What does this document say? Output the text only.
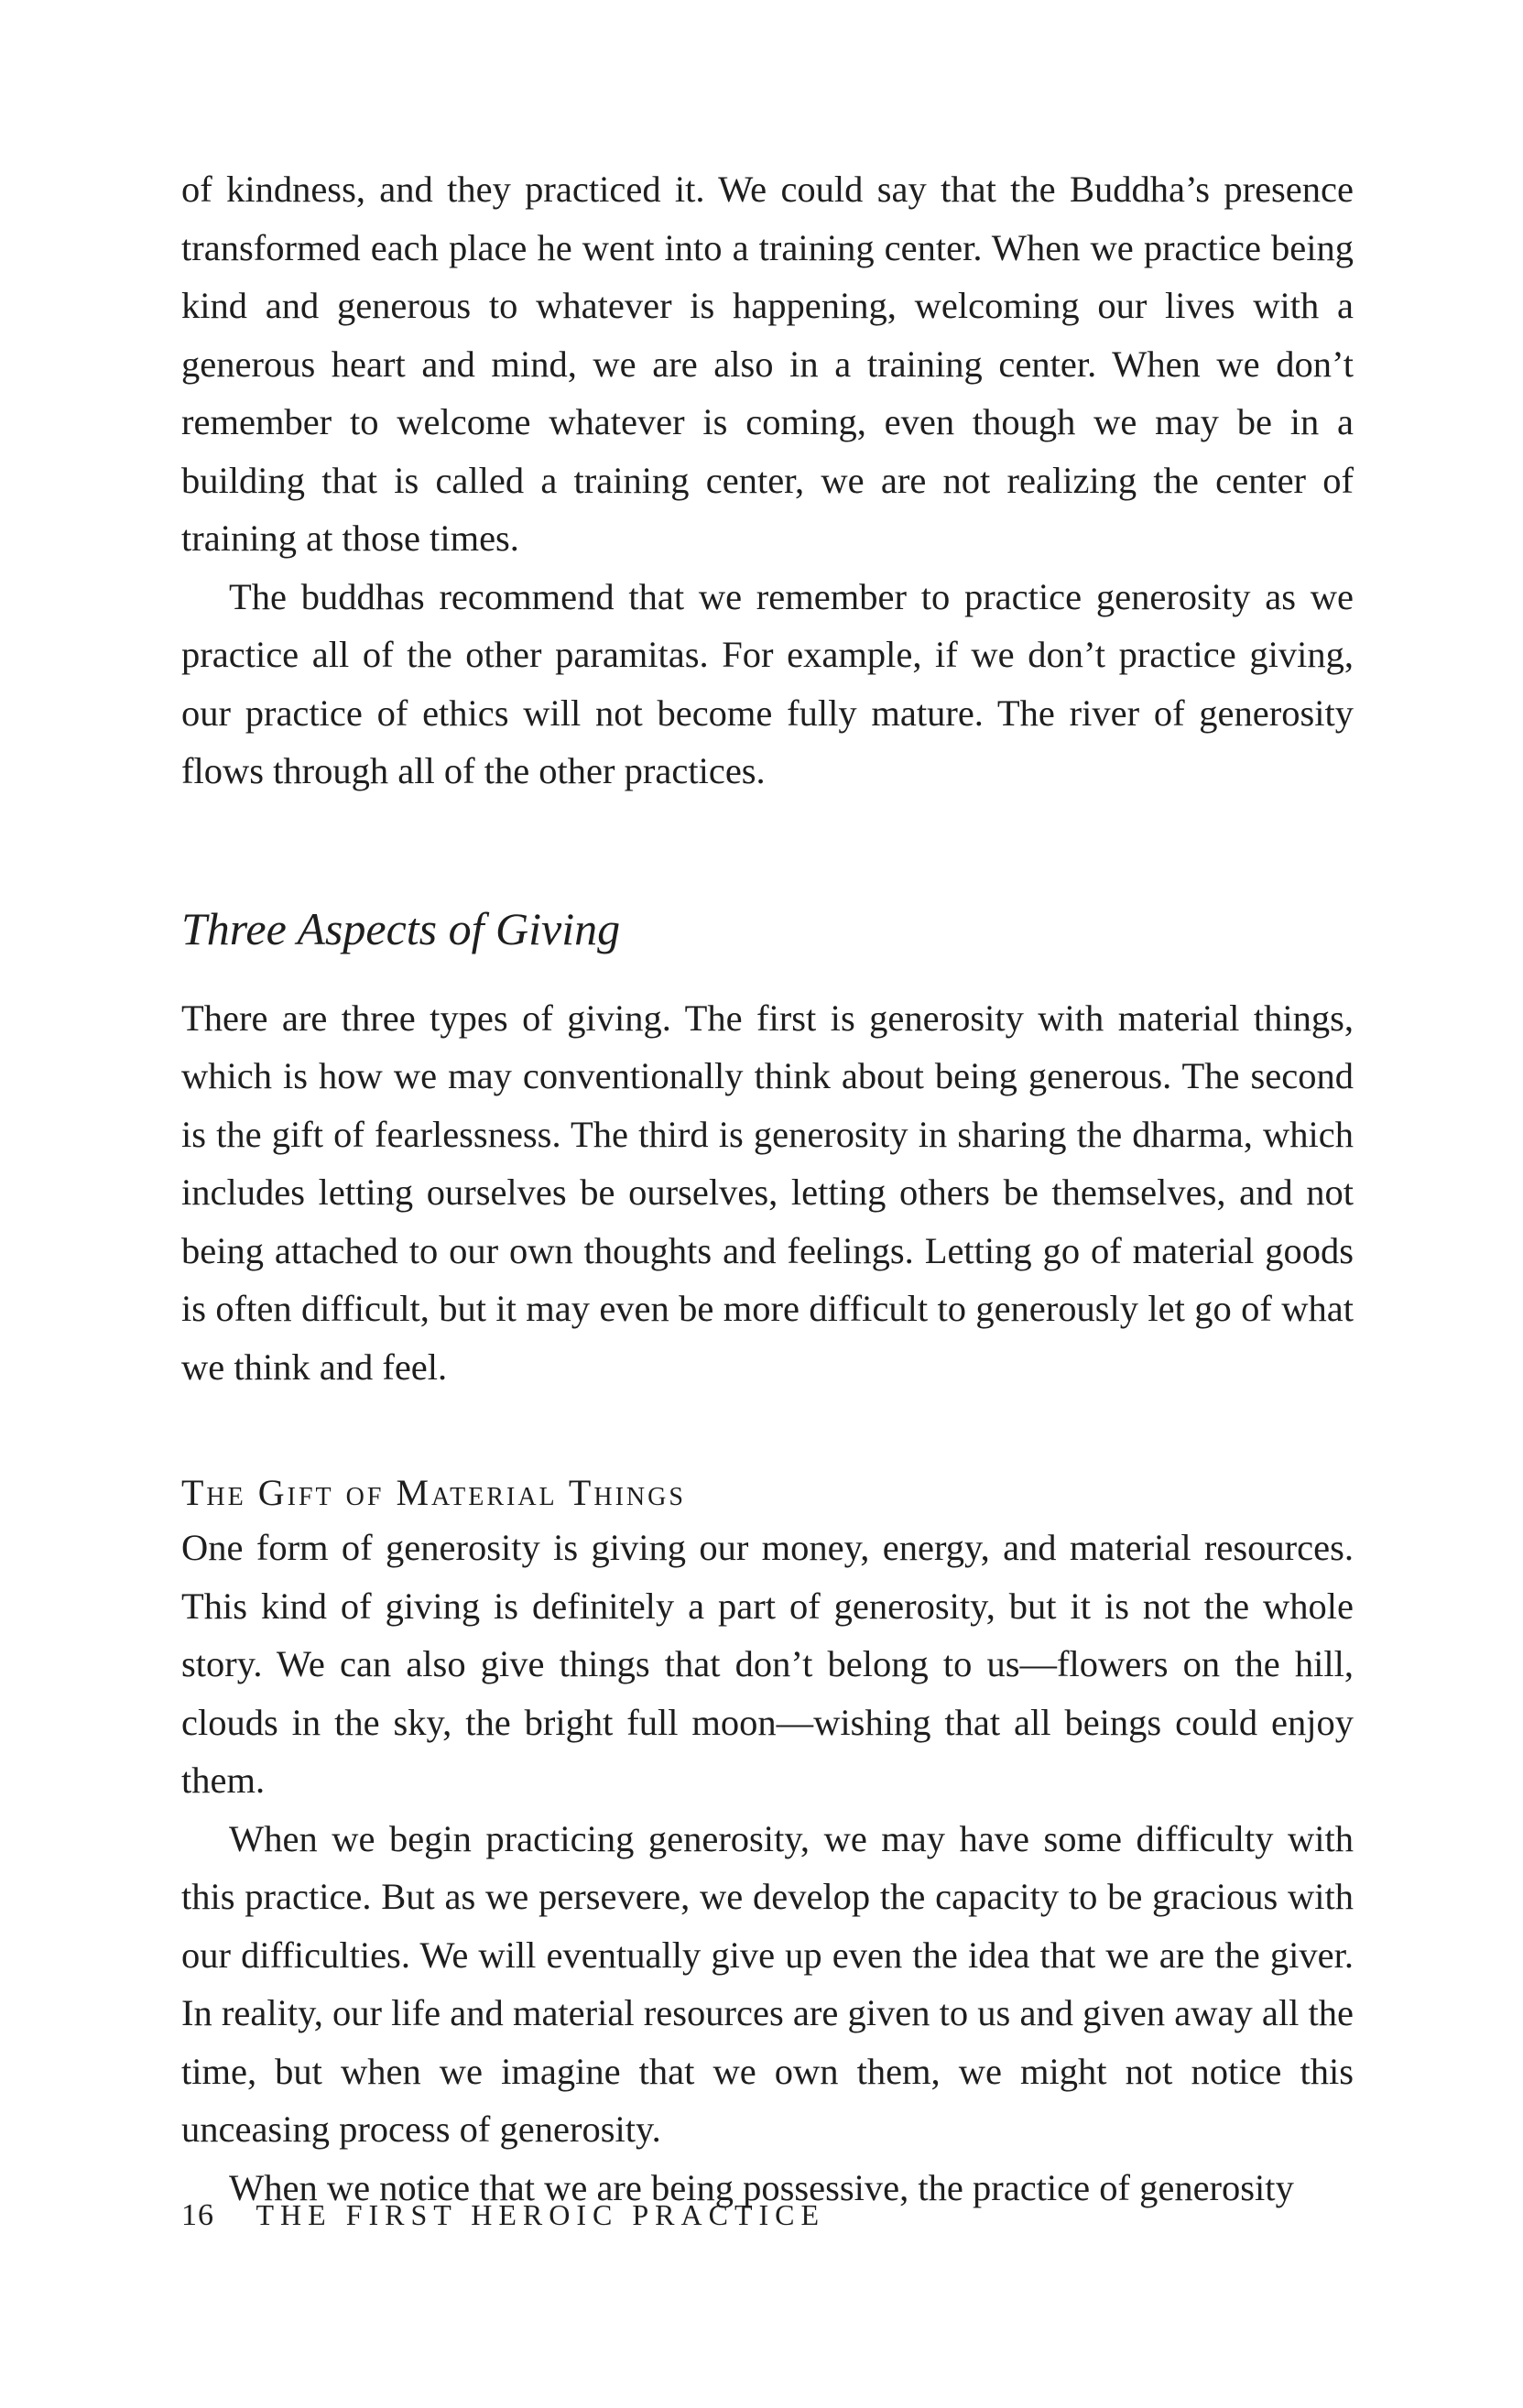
of kindness, and they practiced it. We could say that the Buddha’s presence transformed each place he went into a training center. When we practice being kind and generous to whatever is happening, welcoming our lives with a generous heart and mind, we are also in a training center. When we don’t remember to welcome whatever is coming, even though we may be in a building that is called a training center, we are not realizing the center of training at those times.

The buddhas recommend that we remember to practice generosity as we practice all of the other paramitas. For example, if we don’t practice giving, our practice of ethics will not become fully mature. The river of generosity flows through all of the other practices.

Three Aspects of Giving

There are three types of giving. The first is generosity with material things, which is how we may conventionally think about being generous. The second is the gift of fearlessness. The third is generosity in sharing the dharma, which includes letting ourselves be ourselves, letting others be themselves, and not being attached to our own thoughts and feelings. Letting go of material goods is often difficult, but it may even be more difficult to generously let go of what we think and feel.

The Gift of Material Things

One form of generosity is giving our money, energy, and material resources. This kind of giving is definitely a part of generosity, but it is not the whole story. We can also give things that don’t belong to us—flowers on the hill, clouds in the sky, the bright full moon—wishing that all beings could enjoy them.

When we begin practicing generosity, we may have some difficulty with this practice. But as we persevere, we develop the capacity to be gracious with our difficulties. We will eventually give up even the idea that we are the giver. In reality, our life and material resources are given to us and given away all the time, but when we imagine that we own them, we might not notice this unceasing process of generosity.

When we notice that we are being possessive, the practice of generosity

16 THE FIRST HEROIC PRACTICE
